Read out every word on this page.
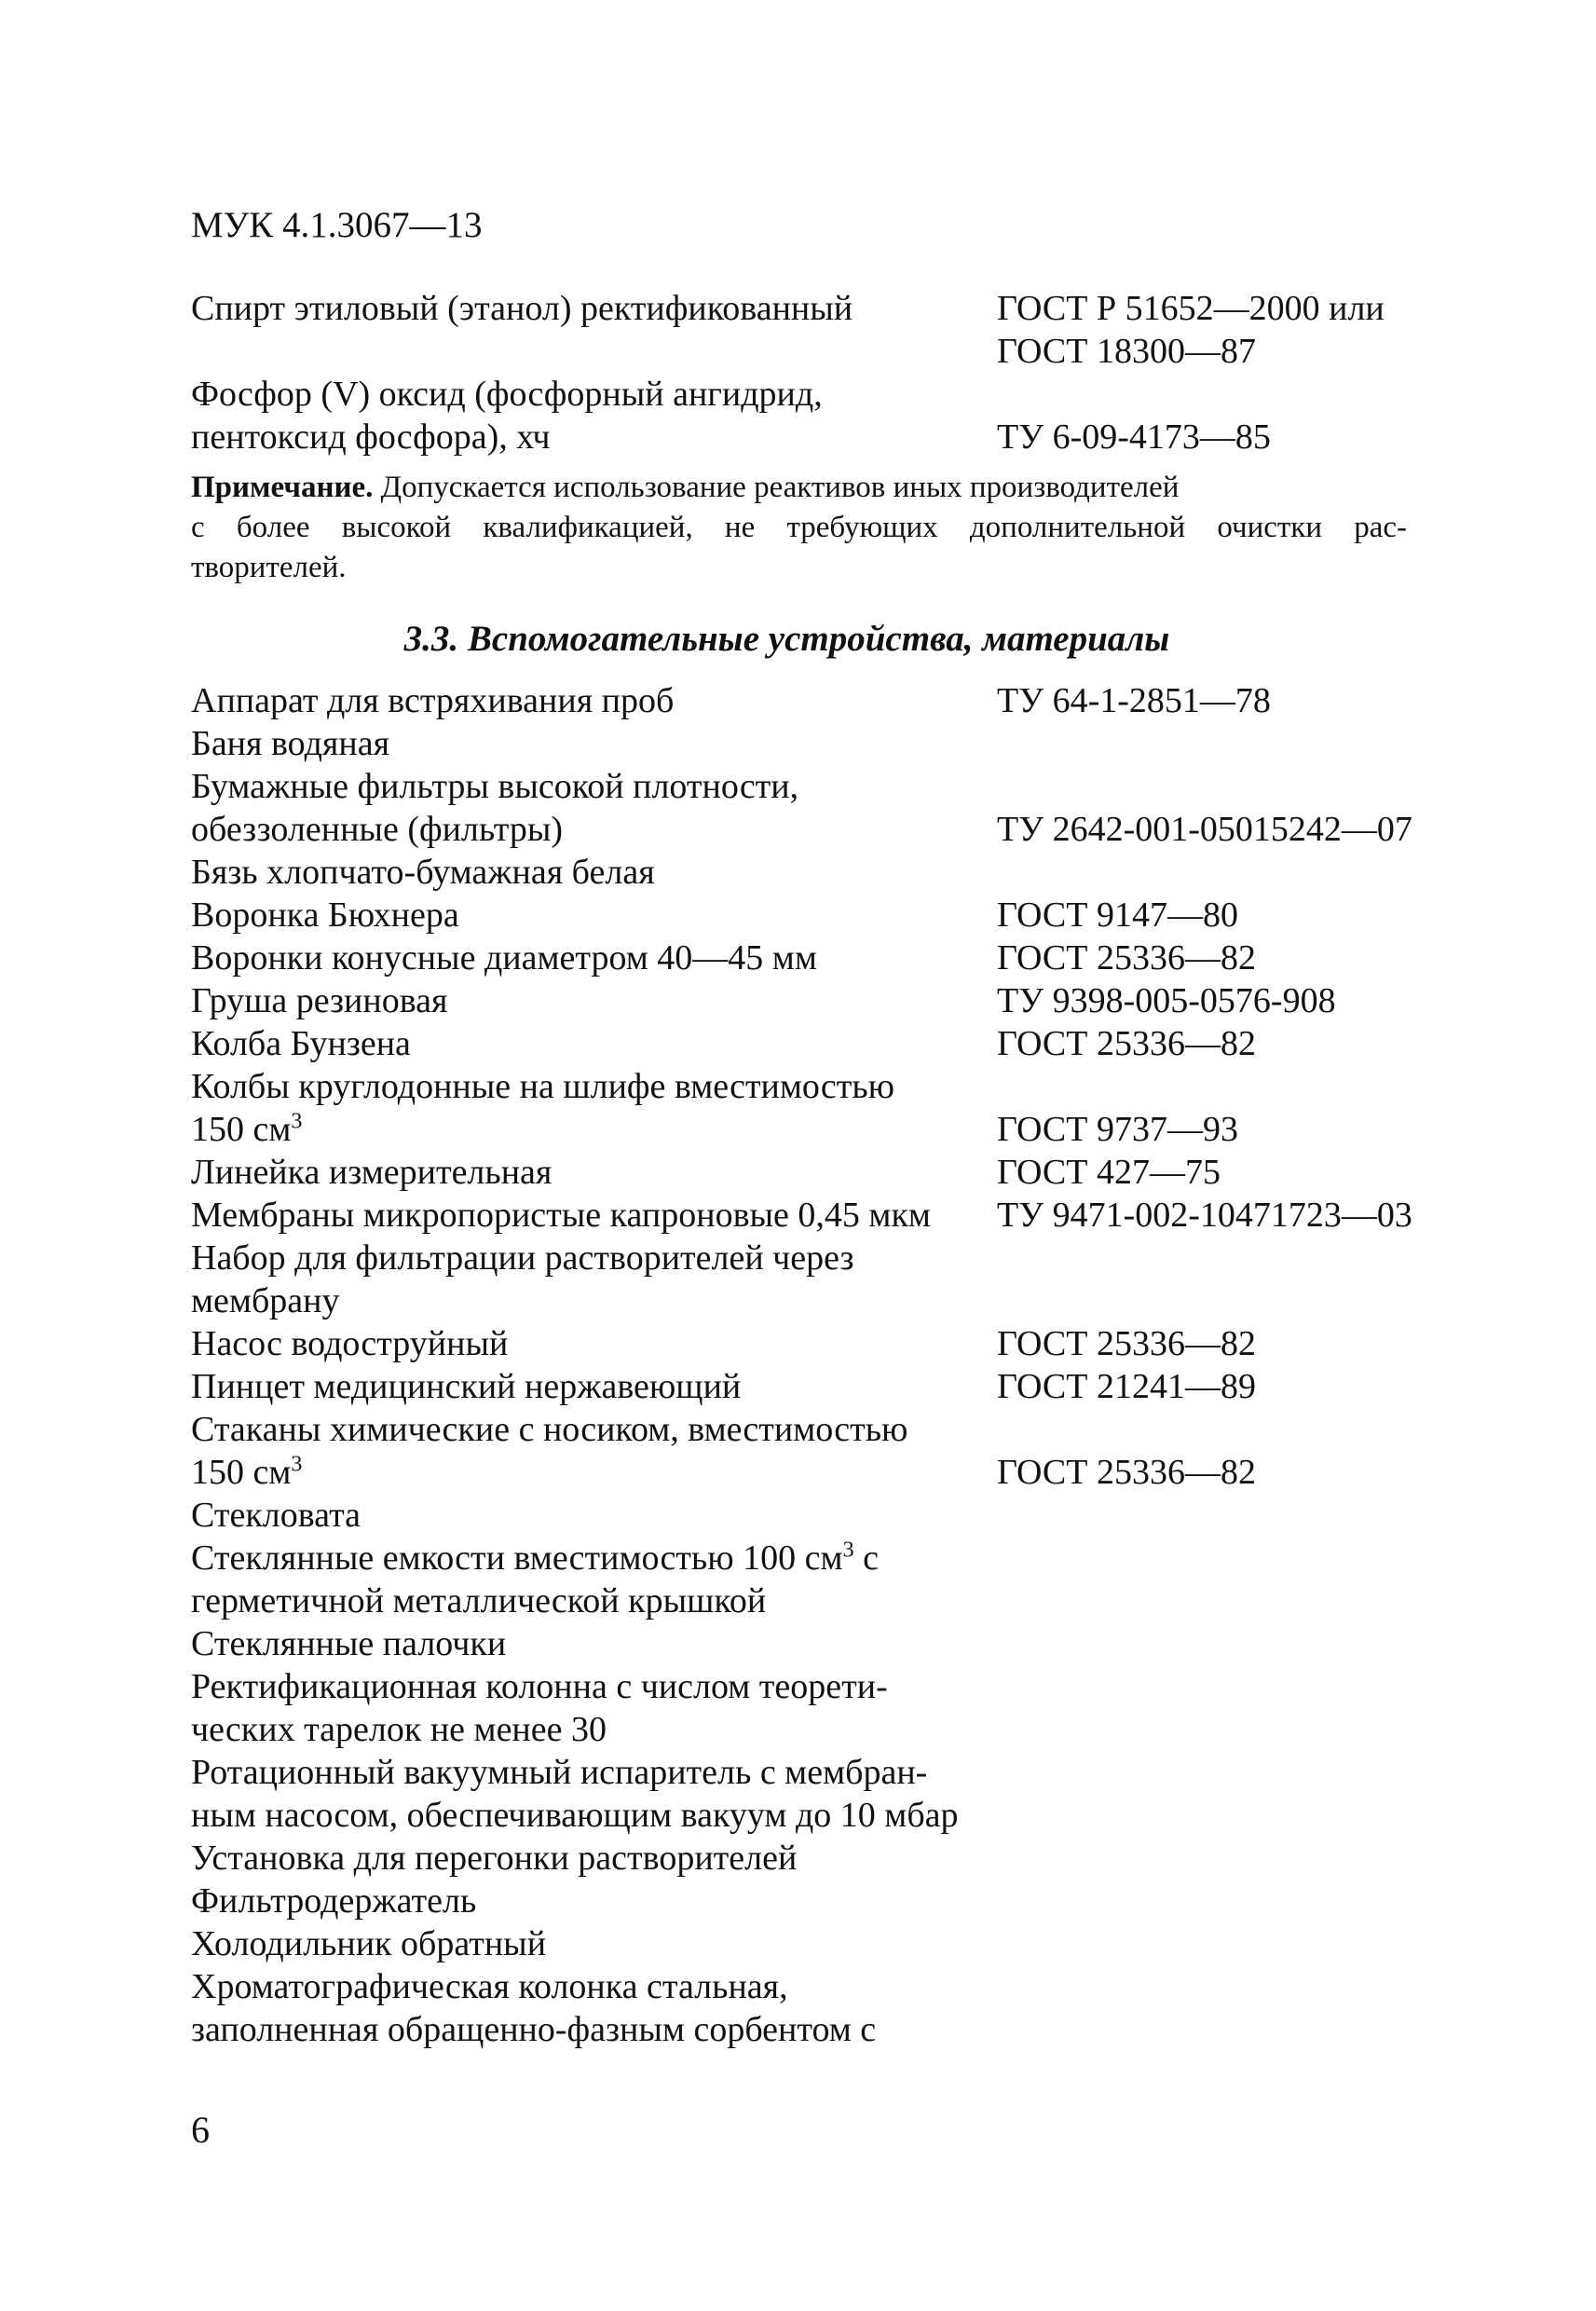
МУК 4.1.3067—13
Спирт этиловый (этанол) ректификованный	ГОСТ Р 51652—2000 или
ГОСТ 18300—87
Фосфор (V) оксид (фосфорный ангидрид,
пентоксид фосфора), хч	ТУ 6-09-4173—85
Примечание. Допускается использование реактивов иных производителей
с более высокой квалификацией, не требующих дополнительной очистки рас-
творителей.
3.3. Вспомогательные устройства, материалы
Аппарат для встряхивания проб	ТУ 64-1-2851—78
Баня водяная
Бумажные фильтры высокой плотности,
обеззоленные (фильтры)	ТУ 2642-001-05015242—07
Бязь хлопчато-бумажная белая
Воронка Бюхнера	ГОСТ 9147—80
Воронки конусные диаметром 40—45 мм	ГОСТ 25336—82
Груша резиновая	ТУ 9398-005-0576-908
Колба Бунзена	ГОСТ 25336—82
Колбы круглодонные на шлифе вместимостью
150 $см^3$	ГОСТ 9737—93
Линейка измерительная	ГОСТ 427—75
Мембраны микропористые капроновые 0,45 мкм ТУ 9471-002-10471723—03
Набор для фильтрации растворителей через
мембрану
Насос водоструйный	ГОСТ 25336—82
Пинцет медицинский нержавеющий	ГОСТ 21241—89
Стаканы химические с носиком, вместимостью
150 $см^3$	ГОСТ 25336—82
Стекловата
Стеклянные емкости вместимостью 100 $см^3$ с
герметичной металлической крышкой
Стеклянные палочки
Ректификационная колонна с числом теорети-
ческих тарелок не менее 30
Ротационный вакуумный испаритель с мембран-
ным насосом, обеспечивающим вакуум до 10 мбар
Установка для перегонки растворителей
Фильтродержатель
Холодильник обратный
Хроматографическая колонка стальная,
заполненная обращенно-фазным сорбентом с
6
